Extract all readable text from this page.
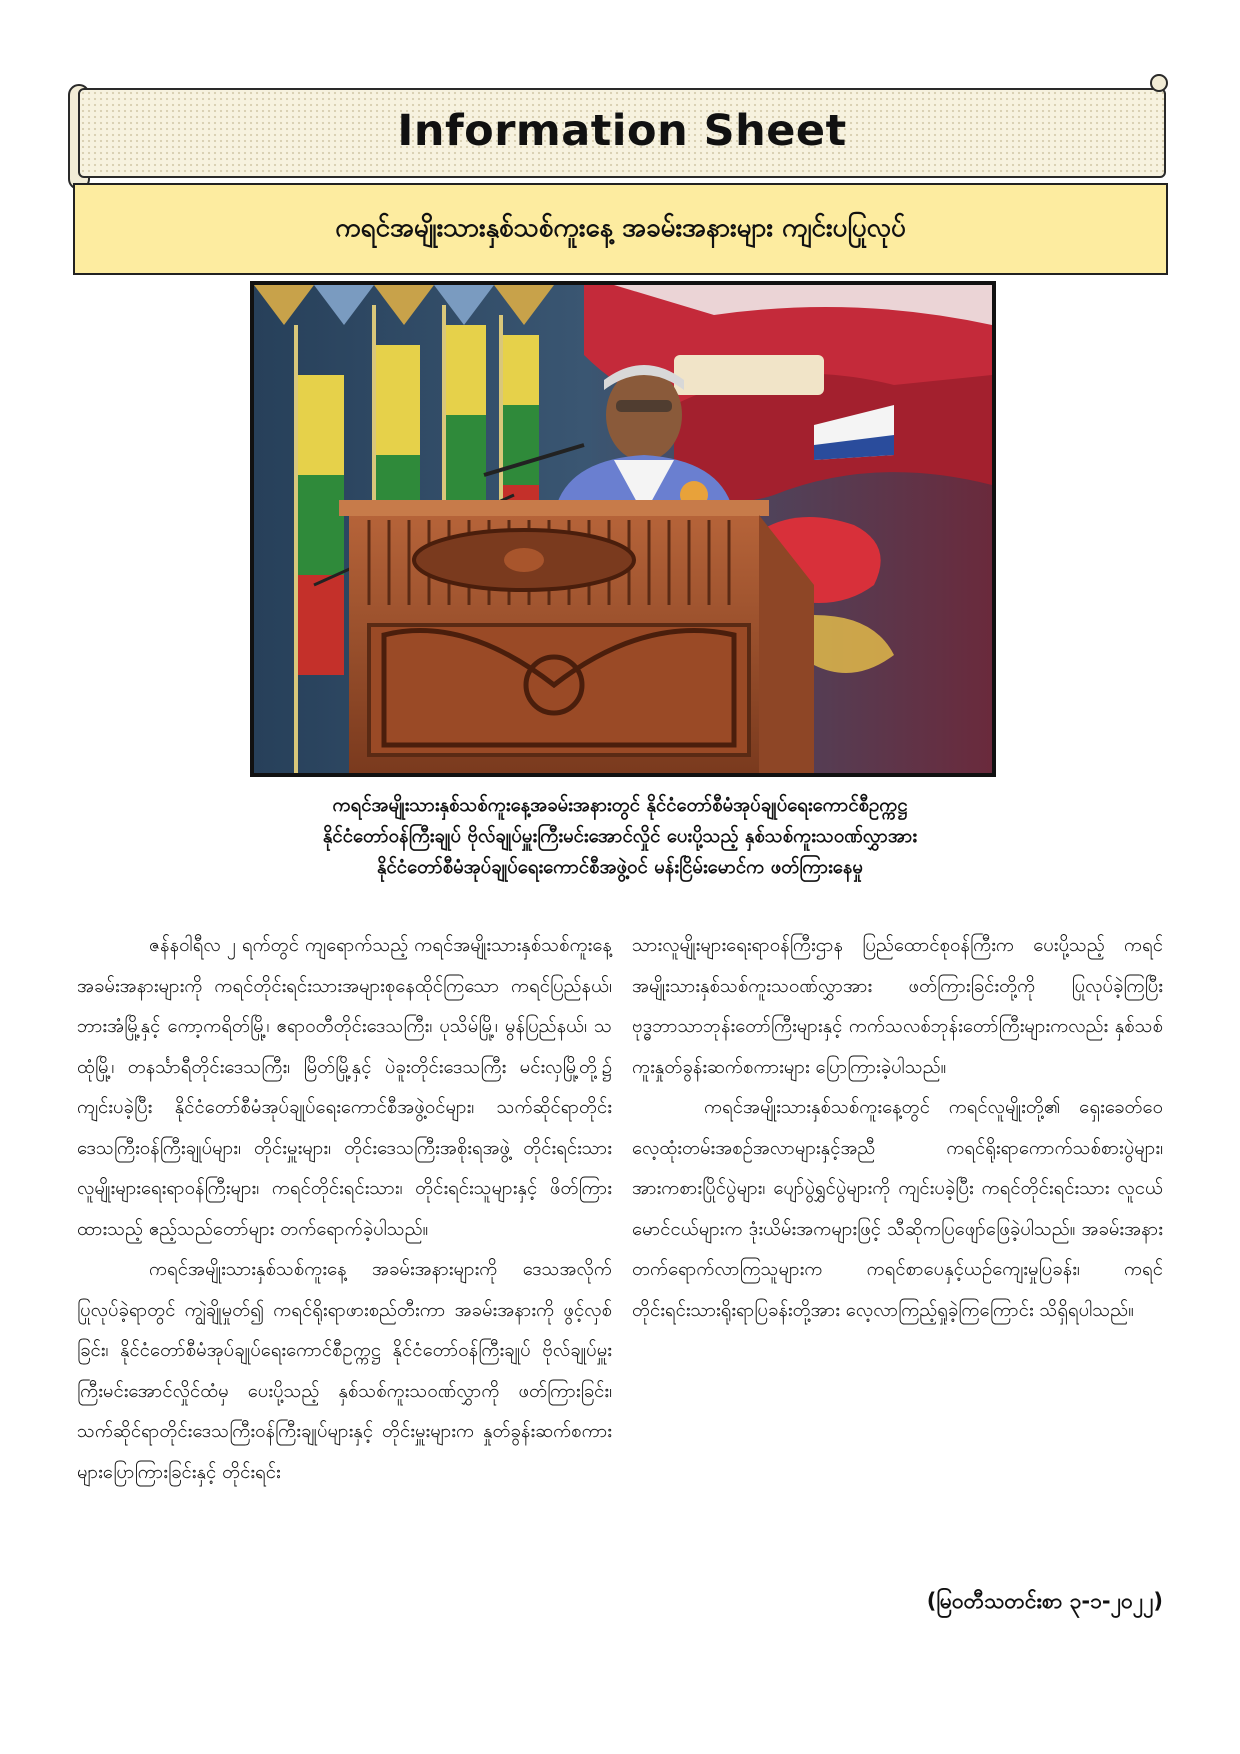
Information Sheet
ကရင်အမျိုးသားနှစ်သစ်ကူးနေ့ အခမ်းအနားများ ကျင်းပပြုလုပ်
ကရင်အမျိုးသားနှစ်သစ်ကူးနေ့အခမ်းအနားတွင် နိုင်ငံတော်စီမံအုပ်ချုပ်ရေးကောင်စီဥက္ကဋ္ဌ
နိုင်ငံတော်ဝန်ကြီးချုပ် ဗိုလ်ချုပ်မှူးကြီးမင်းအောင်လှိုင် ပေးပို့သည့် နှစ်သစ်ကူးသဝဏ်လွှာအား
နိုင်ငံတော်စီမံအုပ်ချုပ်ရေးကောင်စီအဖွဲ့ဝင် မန်းငြိမ်းမောင်က ဖတ်ကြားနေမှု

ဇန်နဝါရီလ ၂ ရက်တွင် ကျရောက်သည့် ကရင်အမျိုးသားနှစ်သစ်ကူးနေ့ အခမ်းအနားများကို ကရင်တိုင်းရင်းသားအများစုနေထိုင်ကြသော ကရင်ပြည်နယ်၊ ဘားအံမြို့နှင့် ကော့ကရိတ်မြို့၊ ဧရာဝတီတိုင်းဒေသကြီး၊ ပုသိမ်မြို့၊ မွန်ပြည်နယ်၊ သထုံမြို့၊ တနင်္သာရီတိုင်းဒေသကြီး၊ မြိတ်မြို့နှင့် ပဲခူးတိုင်းဒေသကြီး မင်းလှမြို့တို့၌ ကျင်းပခဲ့ပြီး နိုင်ငံတော်စီမံအုပ်ချုပ်ရေးကောင်စီအဖွဲ့ဝင်များ၊ သက်ဆိုင်ရာတိုင်းဒေသကြီးဝန်ကြီးချုပ်များ၊ တိုင်းမှူးများ၊ တိုင်းဒေသကြီးအစိုးရအဖွဲ့ တိုင်းရင်းသားလူမျိုးများရေးရာဝန်ကြီးများ၊ ကရင်တိုင်းရင်းသား၊ တိုင်းရင်းသူများနှင့် ဖိတ်ကြားထားသည့် ဧည့်သည်တော်များ တက်ရောက်ခဲ့ပါသည်။

ကရင်အမျိုးသားနှစ်သစ်ကူးနေ့ အခမ်းအနားများကို ဒေသအလိုက်ပြုလုပ်ခဲ့ရာတွင် ကျွဲချိုမှုတ်၍ ကရင်ရိုးရာဖားစည်တီးကာ အခမ်းအနားကို ဖွင့်လှစ်ခြင်း၊ နိုင်ငံတော်စီမံအုပ်ချုပ်ရေးကောင်စီဥက္ကဋ္ဌ နိုင်ငံတော်ဝန်ကြီးချုပ် ဗိုလ်ချုပ်မှူးကြီးမင်းအောင်လှိုင်ထံမှ ပေးပို့သည့် နှစ်သစ်ကူးသဝဏ်လွှာကို ဖတ်ကြားခြင်း၊ သက်ဆိုင်ရာတိုင်းဒေသကြီးဝန်ကြီးချုပ်များနှင့် တိုင်းမှူးများက နှုတ်ခွန်းဆက်စကားများပြောကြားခြင်းနှင့် တိုင်းရင်း

သားလူမျိုးများရေးရာဝန်ကြီးဌာန ပြည်ထောင်စုဝန်ကြီးက ပေးပို့သည့် ကရင်အမျိုးသားနှစ်သစ်ကူးသဝဏ်လွှာအား ဖတ်ကြားခြင်းတို့ကို ပြုလုပ်ခဲ့ကြပြီး ဗုဒ္ဓဘာသာဘုန်းတော်ကြီးများနှင့် ကက်သလစ်ဘုန်းတော်ကြီးများကလည်း နှစ်သစ်ကူးနှုတ်ခွန်းဆက်စကားများ ပြောကြားခဲ့ပါသည်။

ကရင်အမျိုးသားနှစ်သစ်ကူးနေ့တွင် ကရင်လူမျိုးတို့၏ ရှေးခေတ်ဝေလေ့ထုံးတမ်းအစဉ်အလာများနှင့်အညီ ကရင်ရိုးရာကောက်သစ်စားပွဲများ၊ အားကစားပြိုင်ပွဲများ၊ ပျော်ပွဲရွှင်ပွဲများကို ကျင်းပခဲ့ပြီး ကရင်တိုင်းရင်းသား လူငယ်မောင်ငယ်များက ဒုံးယိမ်းအကများဖြင့် သီဆိုကပြဖျော်ဖြေခဲ့ပါသည်။ အခမ်းအနားတက်ရောက်လာကြသူများက ကရင်စာပေနှင့်ယဉ်ကျေးမှုပြခန်း၊ ကရင်တိုင်းရင်းသားရိုးရာပြခန်းတို့အား လေ့လာကြည့်ရှုခဲ့ကြကြောင်း သိရှိရပါသည်။

(မြဝတီသတင်းစာ ၃-၁-၂၀၂၂)
